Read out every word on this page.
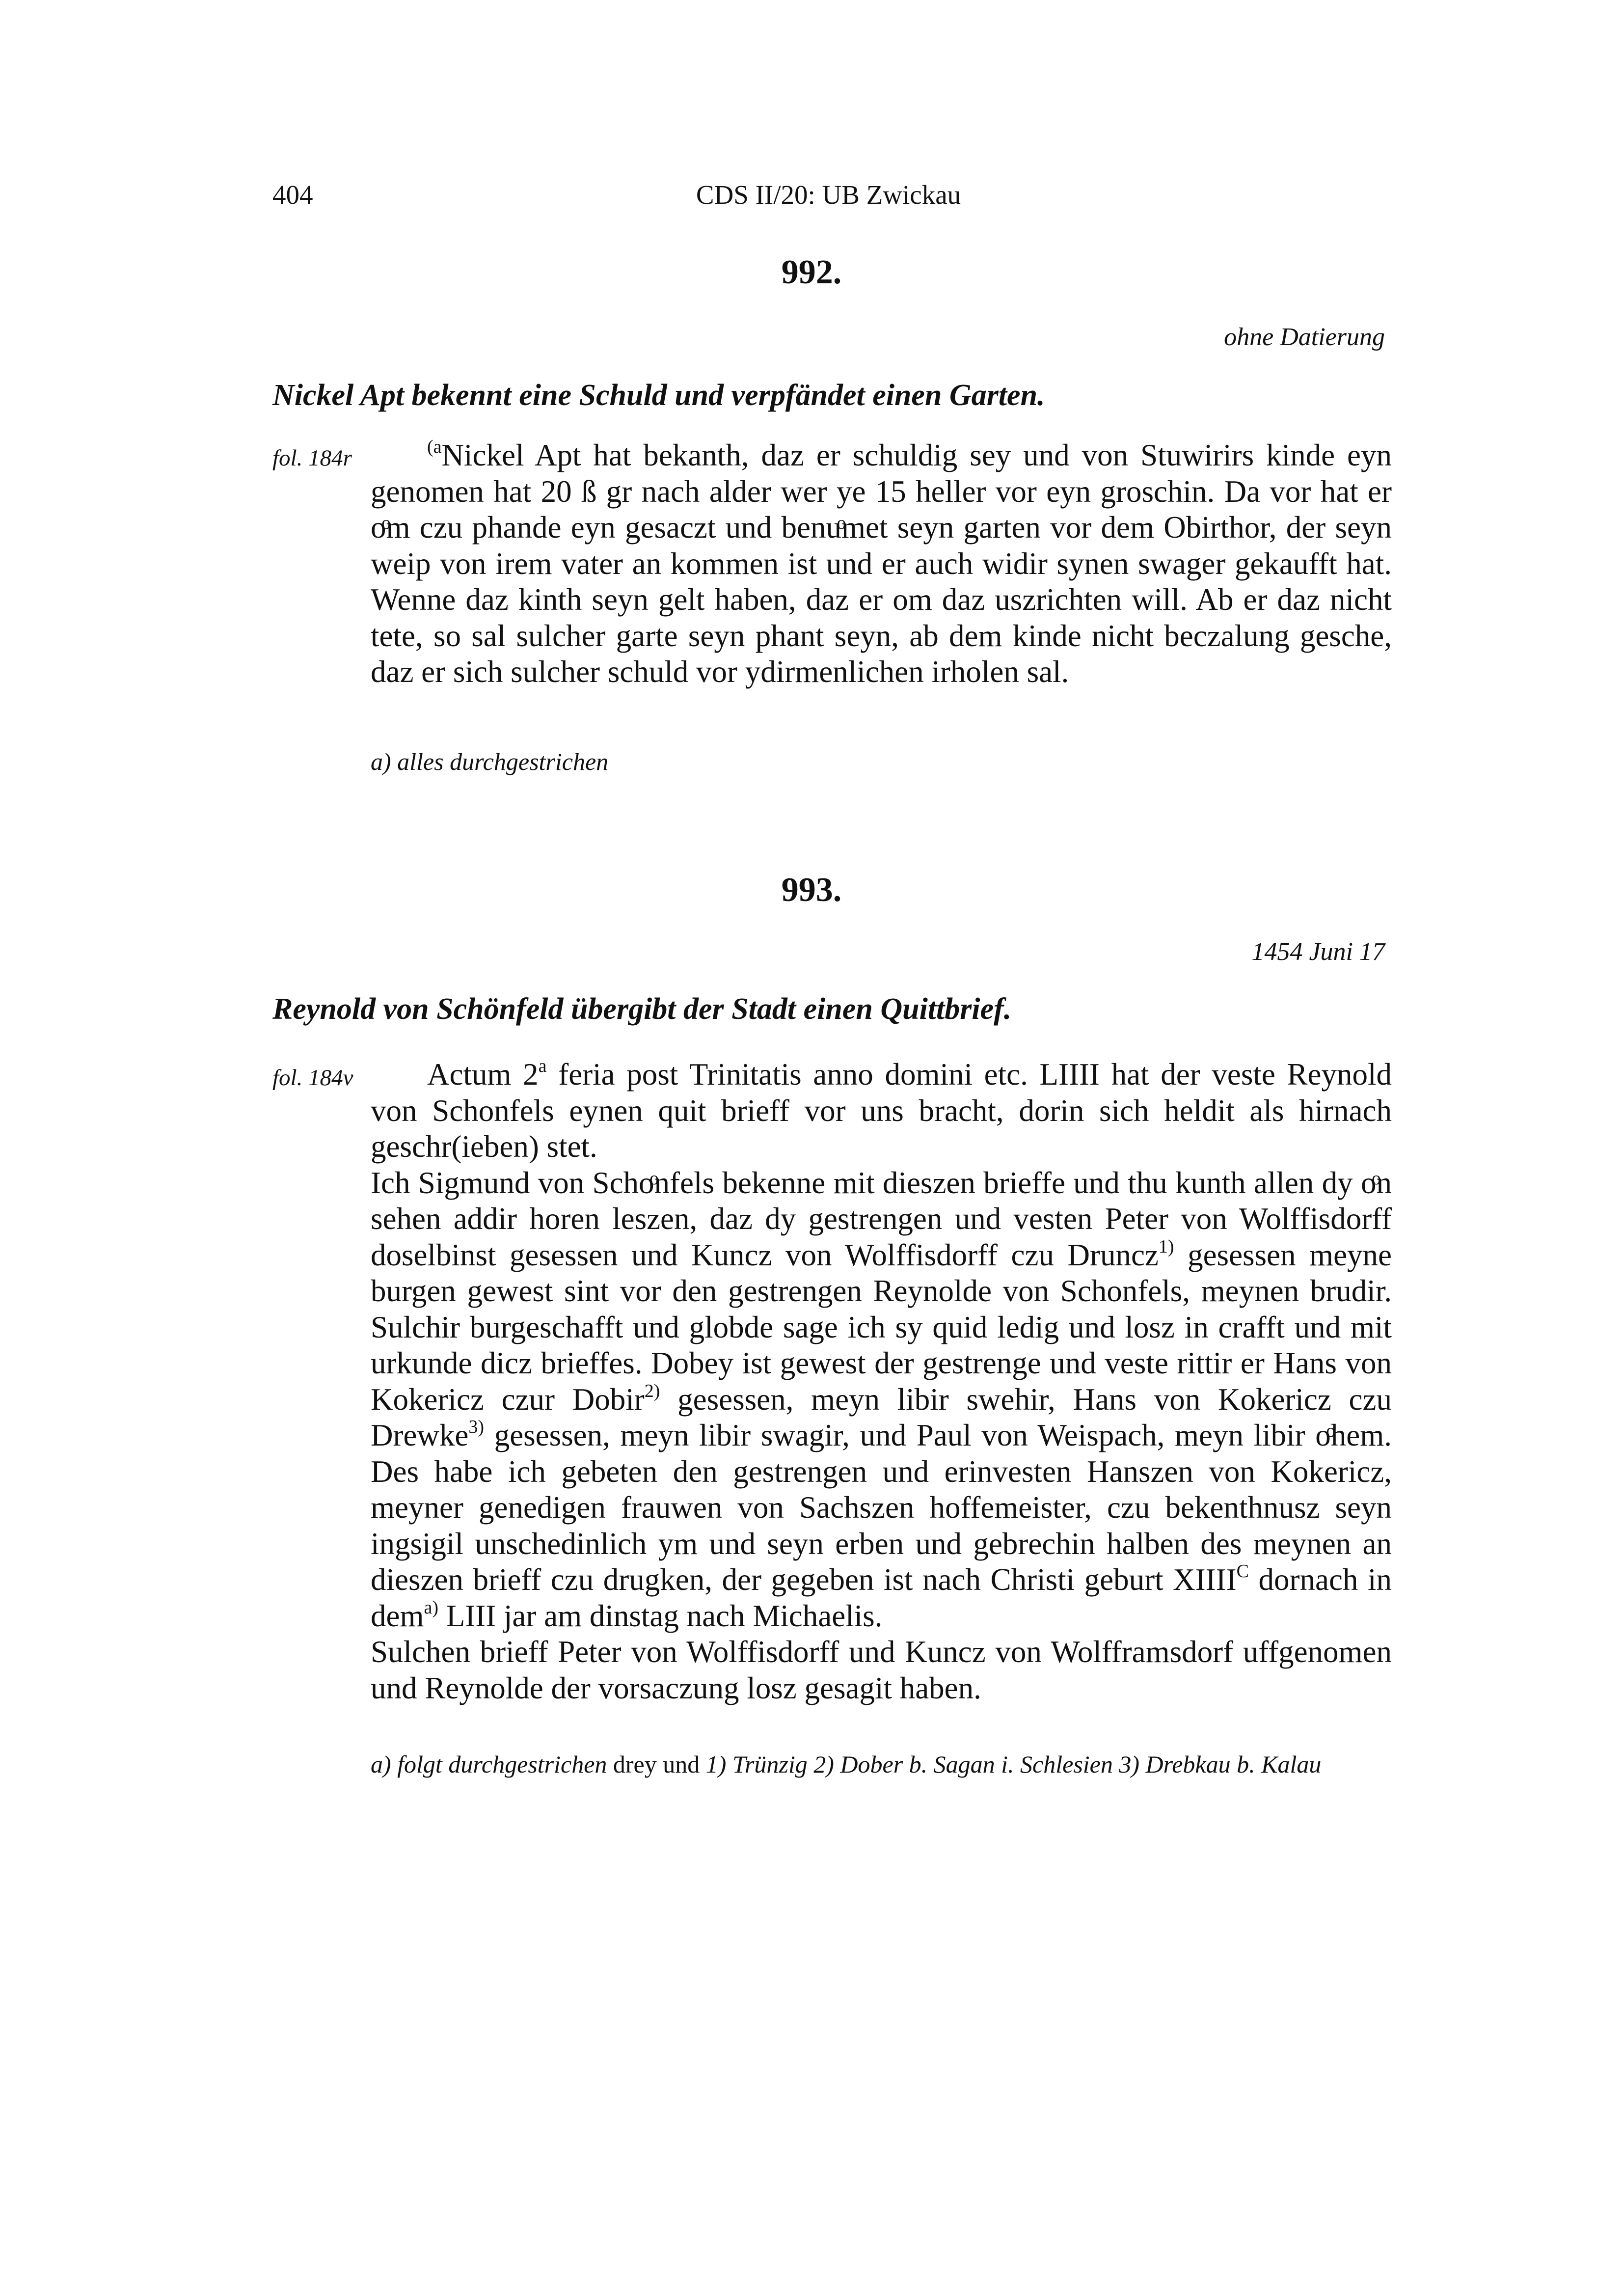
404	CDS II/20: UB Zwickau
992.
ohne Datierung
Nickel Apt bekennt eine Schuld und verpfändet einen Garten.
fol. 184r	$^{(a}$Nickel Apt hat bekanth, daz er schuldig sey und von Stuwirirs kinde eyn genomen hat 20 ß gr nach alder wer ye 15 heller vor eyn groschin. Da vor hat er oͦm czu phande eyn gesaczt und benuͦmet seyn garten vor dem Obirthor, der seyn weip von irem vater an kommen ist und er auch widir synen swager gekaufft hat. Wenne daz kinth seyn gelt haben, daz er om daz uszrichten will. Ab er daz nicht tete, so sal sulcher garte seyn phant seyn, ab dem kinde nicht beczalung gesche, daz er sich sulcher schuld vor ydirmenlichen irholen sal.

a) alles durchgestrichen
993.
1454 Juni 17
Reynold von Schönfeld übergibt der Stadt einen Quittbrief.
fol. 184v	Actum 2$^a$ feria post Trinitatis anno domini etc. LIIII hat der veste Reynold von Schonfels eynen quit brieff vor uns bracht, dorin sich heldit als hirnach geschr(ieben) stet.

Ich Sigmund von Schoͦnfels bekenne mit dieszen brieffe und thu kunth allen dy oͦn sehen addir horen leszen, daz dy gestrengen und vesten Peter von Wolffisdorff doselbinst gesessen und Kuncz von Wolffisdorff czu Druncz$^{1)}$ gesessen meyne burgen gewest sint vor den gestrengen Reynolde von Schonfels, meynen brudir. Sulchir burgeschafft und globde sage ich sy quid ledig und losz in crafft und mit urkunde dicz brieffes. Dobey ist gewest der gestrenge und veste rittir er Hans von Kokericz czur Dobir$^{2)}$ gesessen, meyn libir swehir, Hans von Kokericz czu Drewke$^{3)}$ gesessen, meyn libir swagir, und Paul von Weispach, meyn libir oͦhem. Des habe ich gebeten den gestrengen und erinvesten Hanszen von Kokericz, meyner genedigen frauwen von Sachszen hoffemeister, czu bekenthnusz seyn ingsigil unschedinlich ym und seyn erben und gebrechin halben des meynen an dieszen brieff czu drugken, der gegeben ist nach Christi geburt $XIIII^C$ dornach in dem$^{a)}$ LIII jar am dinstag nach Michaelis.

Sulchen brieff Peter von Wolffisdorff und Kuncz von Wolfframsdorf uffgenomen und Reynolde der vorsaczung losz gesagit haben.

a) folgt durchgestrichen drey und 1) Trünzig 2) Dober b. Sagan i. Schlesien 3) Drebkau b. Kalau
